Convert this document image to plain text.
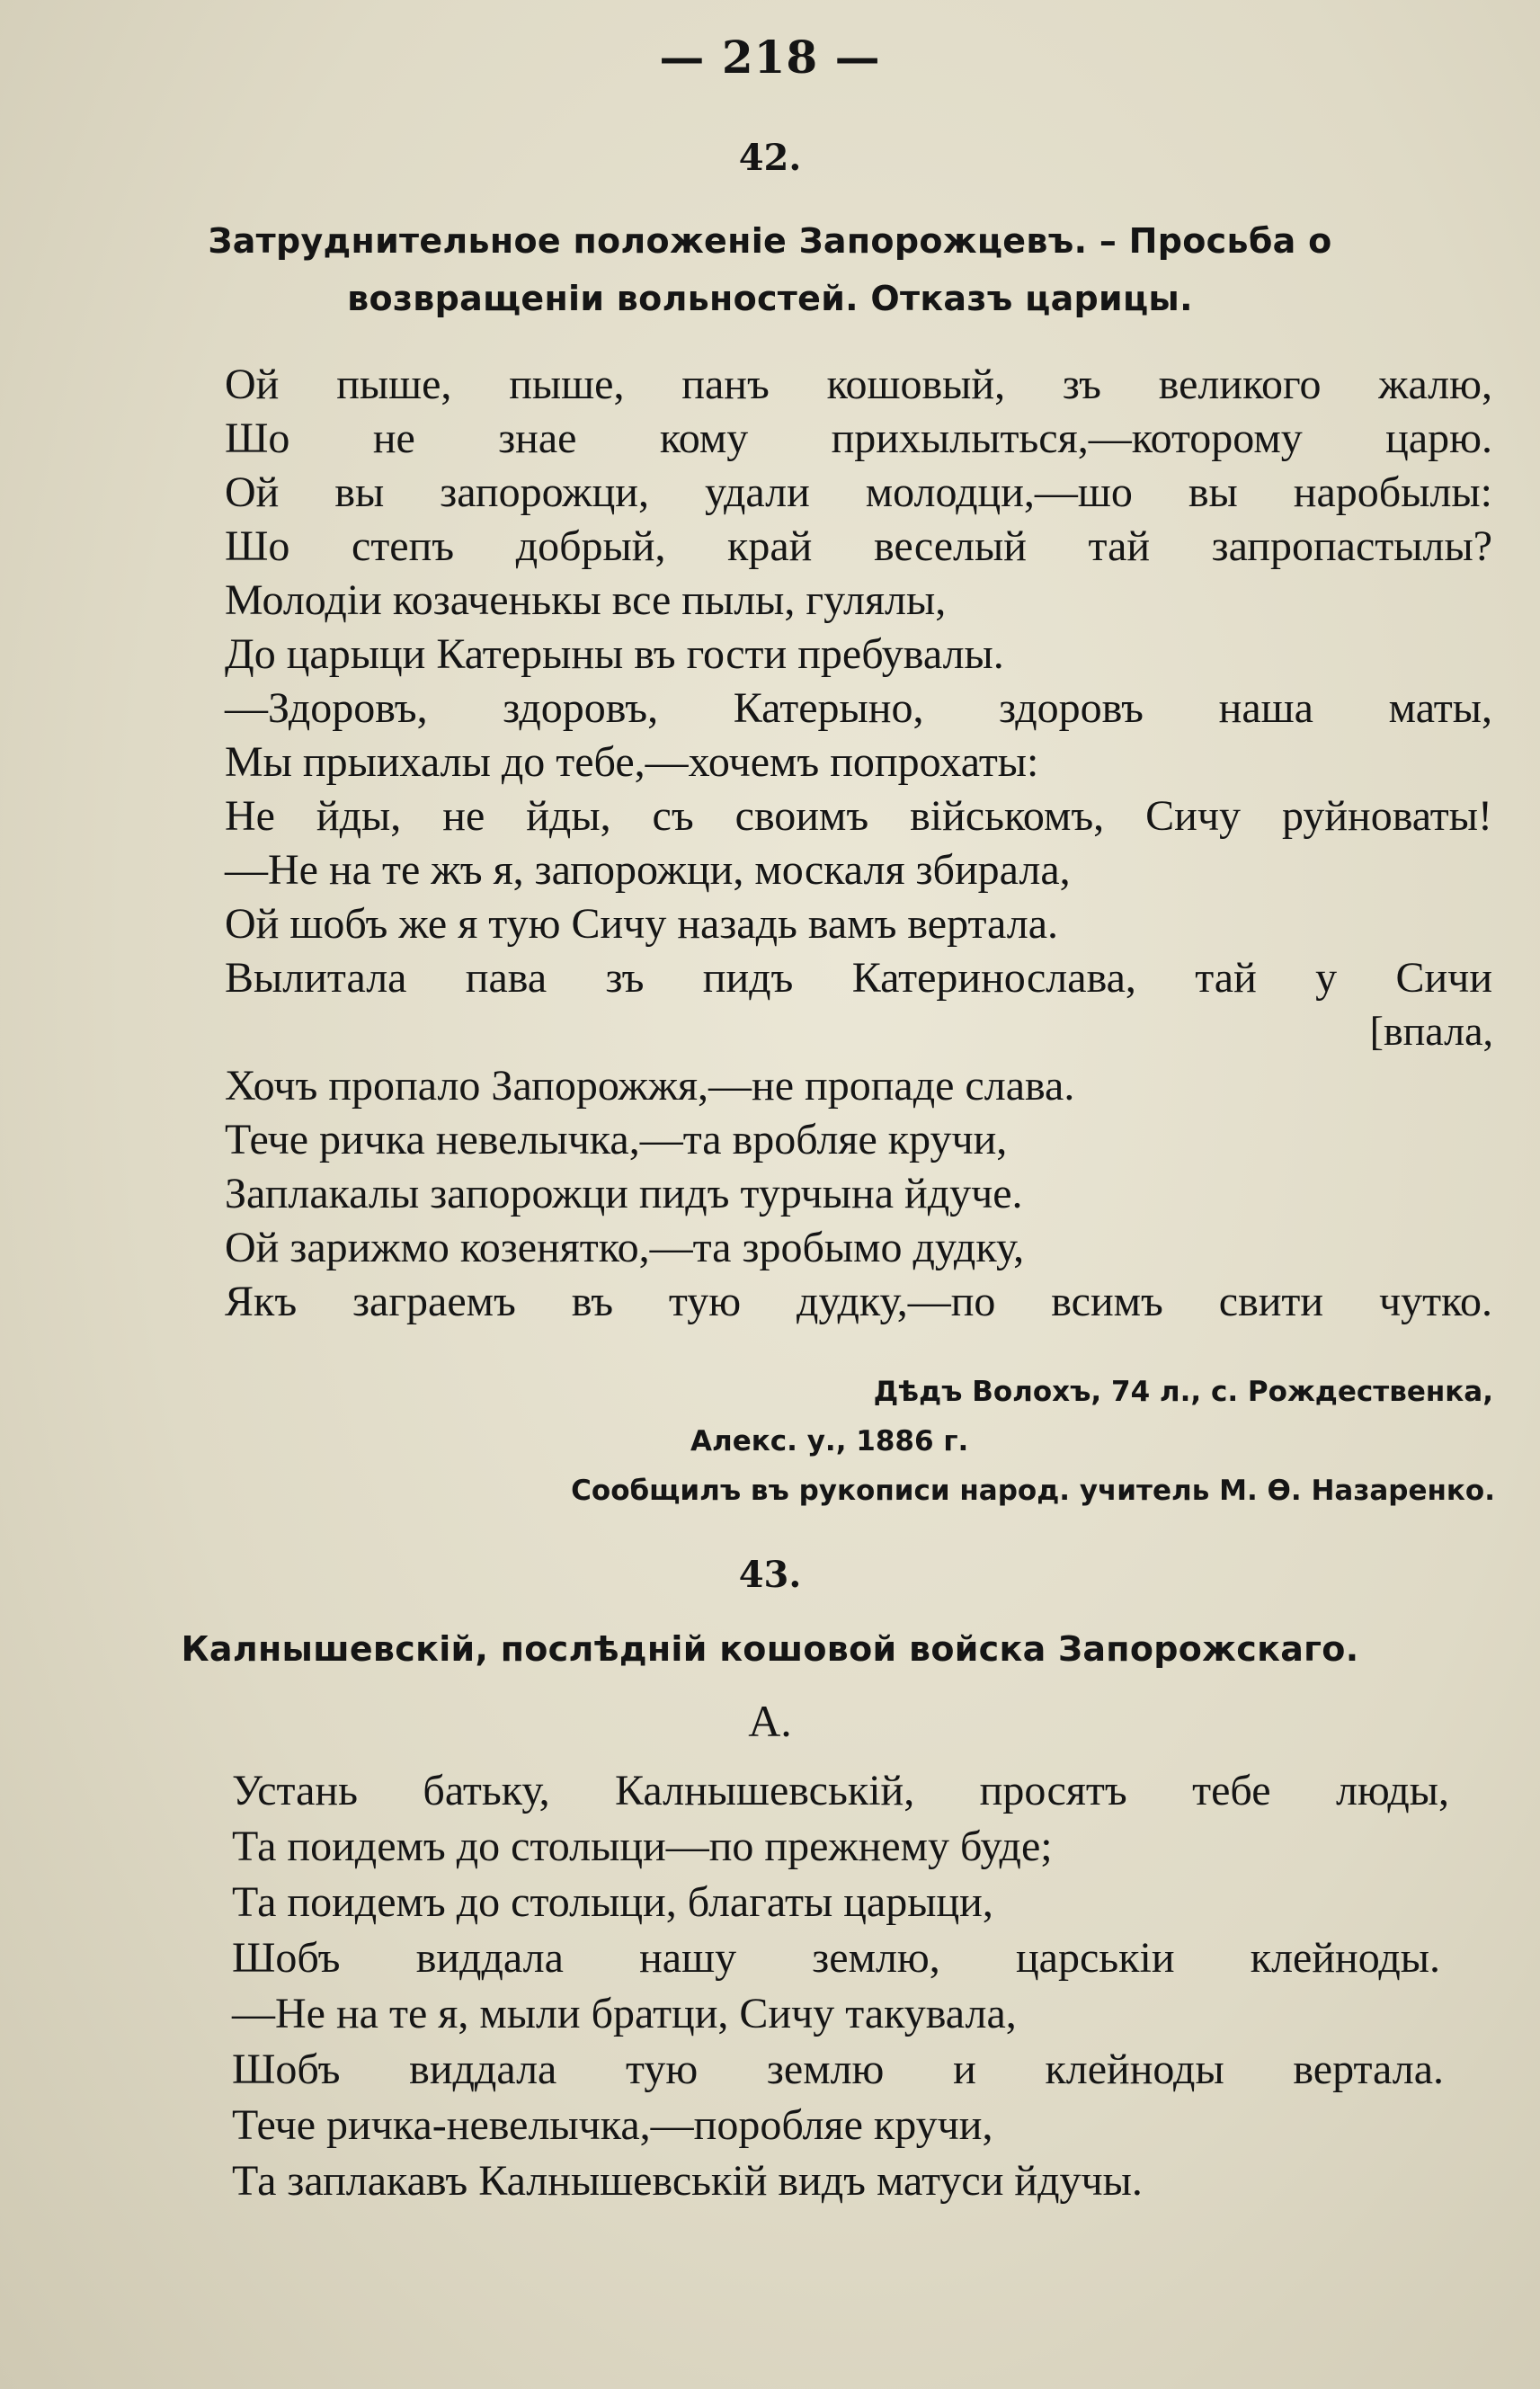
— 218 —
42.
Затруднительное положенiе Запорожцевъ. – Просьба о
возвращенiи вольностей. Отказъ царицы.
Ой пыше, пыше, панъ кошовый, зъ великого жалю,
Шо не знае кому прихылыться,—которому царю.
Ой вы запорожци, удали молодци,—шо вы наробылы:
Шо степъ добрый, край веселый тай запропастылы?
Молодiи козаченькы все пылы, гулялы,
До царыци Катерыны въ гости пребувалы.
—Здоровъ, здоровъ, Катерыно, здоровъ наша маты,
Мы прыихалы до тебе,—хочемъ попрохаты:
Не йды, не йды, съ своимъ вiйськомъ, Сичу руйноваты!
—Не на те жъ я, запорожци, москаля збирала,
Ой шобъ же я тую Сичу назадь вамъ вертала.
Вылитала пава зъ пидъ Катеринослава, тай у Сичи
[впала,
Хочъ пропало Запорожжя,—не пропаде слава.
Тече ричка невелычка,—та вробляе кручи,
Заплакалы запорожци пидъ турчына йдуче.
Ой зарижмо козенятко,—та зробымо дудку,
Якъ заграемъ въ тую дудку,—по всимъ свити чутко.
Дѣдъ Волохъ, 74 л., с. Рождественка,
Алекс. у., 1886 г.
Сообщилъ въ рукописи народ. учитель М. Ѳ. Назаренко.
43.
Калнышевскiй, послѣднiй кошовой войска Запорожскаго.
А.
Устань батьку, Калнышевськiй, просятъ тебе люды,
Та поидемъ до столыци—по прежнему буде;
Та поидемъ до столыци, благаты царыци,
Шобъ виддала нашу землю, царськiи клейноды.
—Не на те я, мыли братци, Сичу такувала,
Шобъ виддала тую землю и клейноды вертала.
Тече ричка-невелычка,—поробляе кручи,
Та заплакавъ Калнышевськiй видъ матуси йдучы.
